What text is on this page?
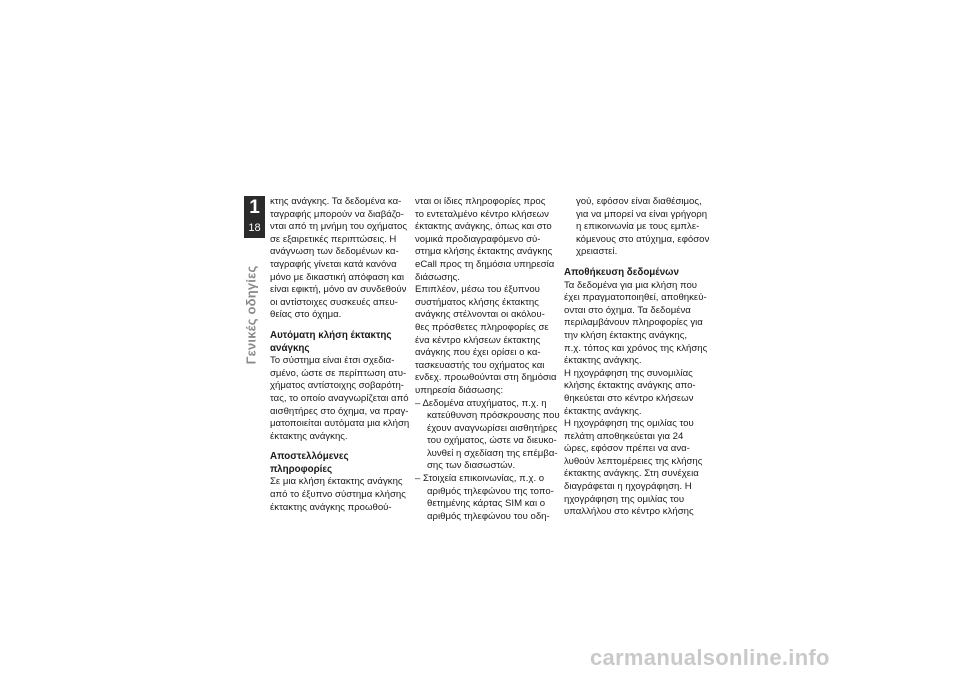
1
18
Γενικές οδηγίες

κτης ανάγκης. Τα δεδομένα κα-

ταγραφής μπορούν να διαβάζο-

νται από τη μνήμη του οχήματος

σε εξαιρετικές περιπτώσεις. Η

ανάγνωση των δεδομένων κα-

ταγραφής γίνεται κατά κανόνα

μόνο με δικαστική απόφαση και

είναι εφικτή, μόνο αν συνδεθούν

οι αντίστοιχες συσκευές απευ-

θείας στο όχημα.

Αυτόματη κλήση έκτακτης
ανάγκης

Το σύστημα είναι έτσι σχεδια-

σμένο, ώστε σε περίπτωση ατυ-

χήματος αντίστοιχης σοβαρότη-

τας, το οποίο αναγνωρίζεται από

αισθητήρες στο όχημα, να πραγ-

ματοποιείται αυτόματα μια κλήση

έκτακτης ανάγκης.

Αποστελλόμενες
πληροφορίες

Σε μια κλήση έκτακτης ανάγκης

από το έξυπνο σύστημα κλήσης

έκτακτης ανάγκης προωθού-

νται οι ίδιες πληροφορίες προς

το εντεταλμένο κέντρο κλήσεων

έκτακτης ανάγκης, όπως και στο

νομικά προδιαγραφόμενο σύ-

στημα κλήσης έκτακτης ανάγκης

eCall προς τη δημόσια υπηρεσία

διάσωσης.

Επιπλέον, μέσω του έξυπνου

συστήματος κλήσης έκτακτης

ανάγκης στέλνονται οι ακόλου-

θες πρόσθετες πληροφορίες σε

ένα κέντρο κλήσεων έκτακτης

ανάγκης που έχει ορίσει ο κα-

τασκευαστής του οχήματος και

ενδεχ. προωθούνται στη δημόσια

υπηρεσία διάσωσης:

– Δεδομένα ατυχήματος, π.χ. η

κατεύθυνση πρόσκρουσης που

έχουν αναγνωρίσει αισθητήρες

του οχήματος, ώστε να διευκο-

λυνθεί η σχεδίαση της επέμβα-

σης των διασωστών.

– Στοιχεία επικοινωνίας, π.χ. ο

αριθμός τηλεφώνου της τοπο-

θετημένης κάρτας SIM και ο

αριθμός τηλεφώνου του οδη-

γού, εφόσον είναι διαθέσιμος,

για να μπορεί να είναι γρήγορη

η επικοινωνία με τους εμπλε-

κόμενους στο ατύχημα, εφόσον

χρειαστεί.

Αποθήκευση δεδομένων

Τα δεδομένα για μια κλήση που

έχει πραγματοποιηθεί, αποθηκεύ-

ονται στο όχημα. Τα δεδομένα

περιλαμβάνουν πληροφορίες για

την κλήση έκτακτης ανάγκης,

π.χ. τόπος και χρόνος της κλήσης

έκτακτης ανάγκης.

Η ηχογράφηση της συνομιλίας

κλήσης έκτακτης ανάγκης απο-

θηκεύεται στο κέντρο κλήσεων

έκτακτης ανάγκης.

Η ηχογράφηση της ομιλίας του

πελάτη αποθηκεύεται για 24

ώρες, εφόσον πρέπει να ανα-

λυθούν λεπτομέρειες της κλήσης

έκτακτης ανάγκης. Στη συνέχεια

διαγράφεται η ηχογράφηση. Η

ηχογράφηση της ομιλίας του

υπαλλήλου στο κέντρο κλήσης

carmanualsonline.info
